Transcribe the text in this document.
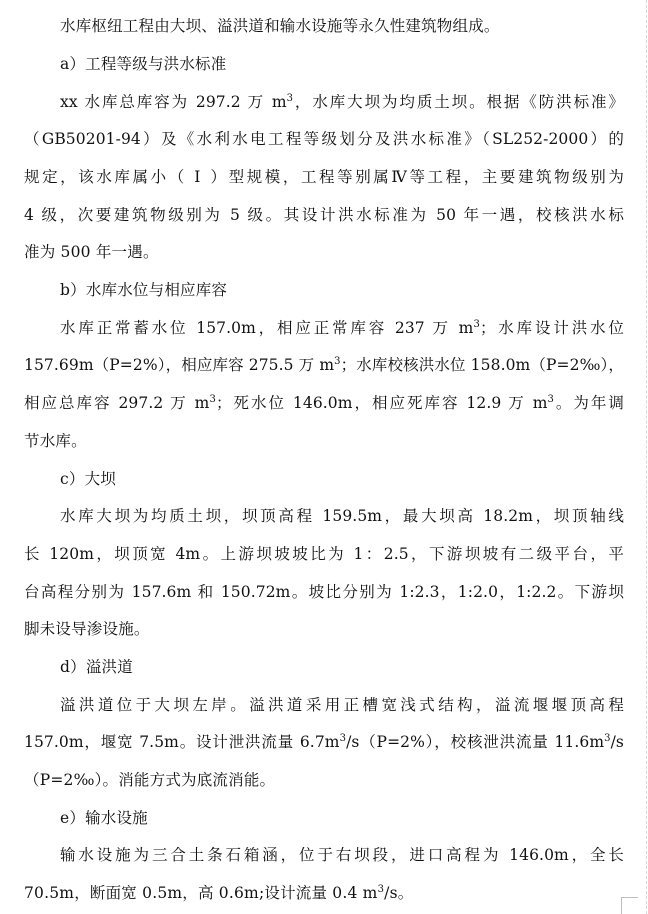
水库枢纽工程由大坝、溢洪道和输水设施等永久性建筑物组成。
a）工程等级与洪水标准
xx 水库总库容为 297.2 万 $m^3$，水库大坝为均质土坝。根据《防洪标准》
（GB50201-94）及《水利水电工程等级划分及洪水标准》（SL252-2000）的
规定，该水库属小（ Ⅰ ）型规模，工程等别属Ⅳ等工程，主要建筑物级别为
4 级，次要建筑物级别为 5 级。其设计洪水标准为 50 年一遇，校核洪水标
准为 500 年一遇。
b）水库水位与相应库容
水库正常蓄水位 157.0m，相应正常库容 237 万 $m^3$；水库设计洪水位
157.69m（P=2%），相应库容 275.5 万 $m^3$；水库校核洪水位 158.0m（P=2‰），
相应总库容 297.2 万 $m^3$；死水位 146.0m，相应死库容 12.9 万 $m^3$。为年调
节水库。
c）大坝
水库大坝为均质土坝，坝顶高程 159.5m，最大坝高 18.2m，坝顶轴线
长 120m，坝顶宽 4m。上游坝坡坡比为 1：2.5，下游坝坡有二级平台，平
台高程分别为 157.6m 和 150.72m。坡比分别为 1:2.3，1:2.0，1:2.2。下游坝
脚未设导渗设施。
d）溢洪道
溢洪道位于大坝左岸。溢洪道采用正槽宽浅式结构，溢流堰堰顶高程
157.0m，堰宽 7.5m。设计泄洪流量 $6.7m^3/s(P=2\%)$，校核泄洪流量 $11.6m^3/s$
（P=2‰）。消能方式为底流消能。
e）输水设施
输水设施为三合土条石箱涵，位于右坝段，进口高程为 146.0m，全长
70.5m，断面宽 0.5m，高 0.6m;设计流量 0.4 $m^3/s$。
